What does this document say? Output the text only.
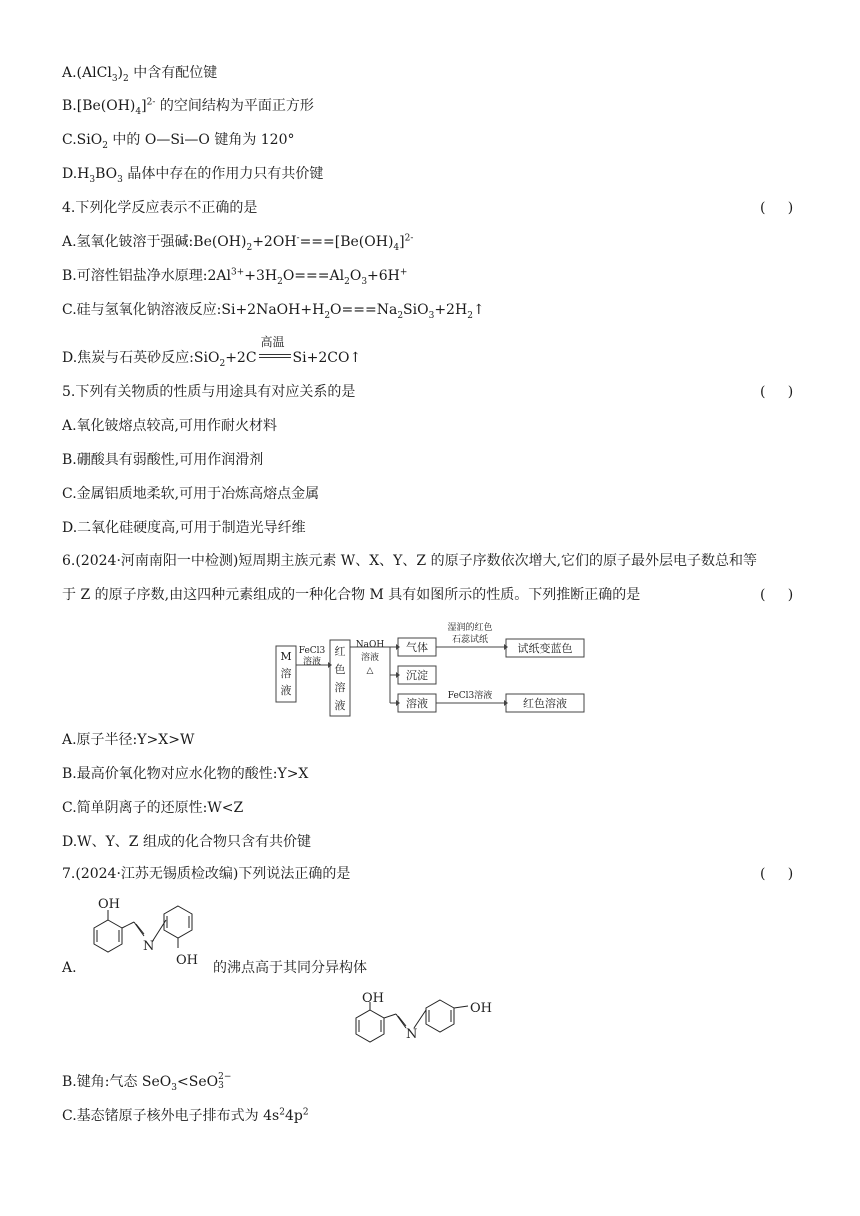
$A.(AlCl_3)_2$ 中含有配位键
$B.[Be(OH)_4]^{2-}$ 的空间结构为平面正方形
C.SiO$_2$ 中的 O—Si—O 键角为 120°
$D.H_3BO_3$ 晶体中存在的作用力只有共价键
4.下列化学反应表示不正确的是	(     )
A.氢氧化铍溶于强碱$:Be(OH)_2+2OH^-===[Be(OH)_4]^{2-}$
B.可溶性铝盐净水原理$:2Al^{3+}+3H_2O===Al_2O_3+6H^+$
C.硅与氢氧化钠溶液反应$:Si+2NaOH+H_2O===Na_2SiO_3+2H_2↑$
D.焦炭与石英砂反应:SiO$_2$+2C
高温
Si+2CO↑
5.下列有关物质的性质与用途具有对应关系的是	(     )
A.氧化铍熔点较高,可用作耐火材料
B.硼酸具有弱酸性,可用作润滑剂
C.金属铝质地柔软,可用于冶炼高熔点金属
D.二氧化硅硬度高,可用于制造光导纤维
6.(2024·河南南阳一中检测)短周期主族元素 W、X、Y、Z 的原子序数依次增大,它们的原子最外层电子数总和等
于 Z 的原子序数,由这四种元素组成的一种化合物 M 具有如图所示的性质。下列推断正确的是	(     )
M
溶
液
红
色
溶
液
FeCl3
溶液
NaOH
溶液
△
气体
沉淀
溶液
湿润的红色
石蕊试纸
试纸变蓝色
FeCl3溶液
红色溶液
A.原子半径:Y>X>W
B.最高价氧化物对应水化物的酸性:Y>X
C.简单阴离子的还原性:W<Z
D.W、Y、Z 组成的化合物只含有共价键
7.(2024·江苏无锡质检改编)下列说法正确的是	(     )
OH
N
OH
A.	的沸点高于其同分异构体
OH
N
OH
B.键角:气态 SeO$_3$<SeO 2−
3
C.基态锗原子核外电子排布式为 $4s^24p^2$
